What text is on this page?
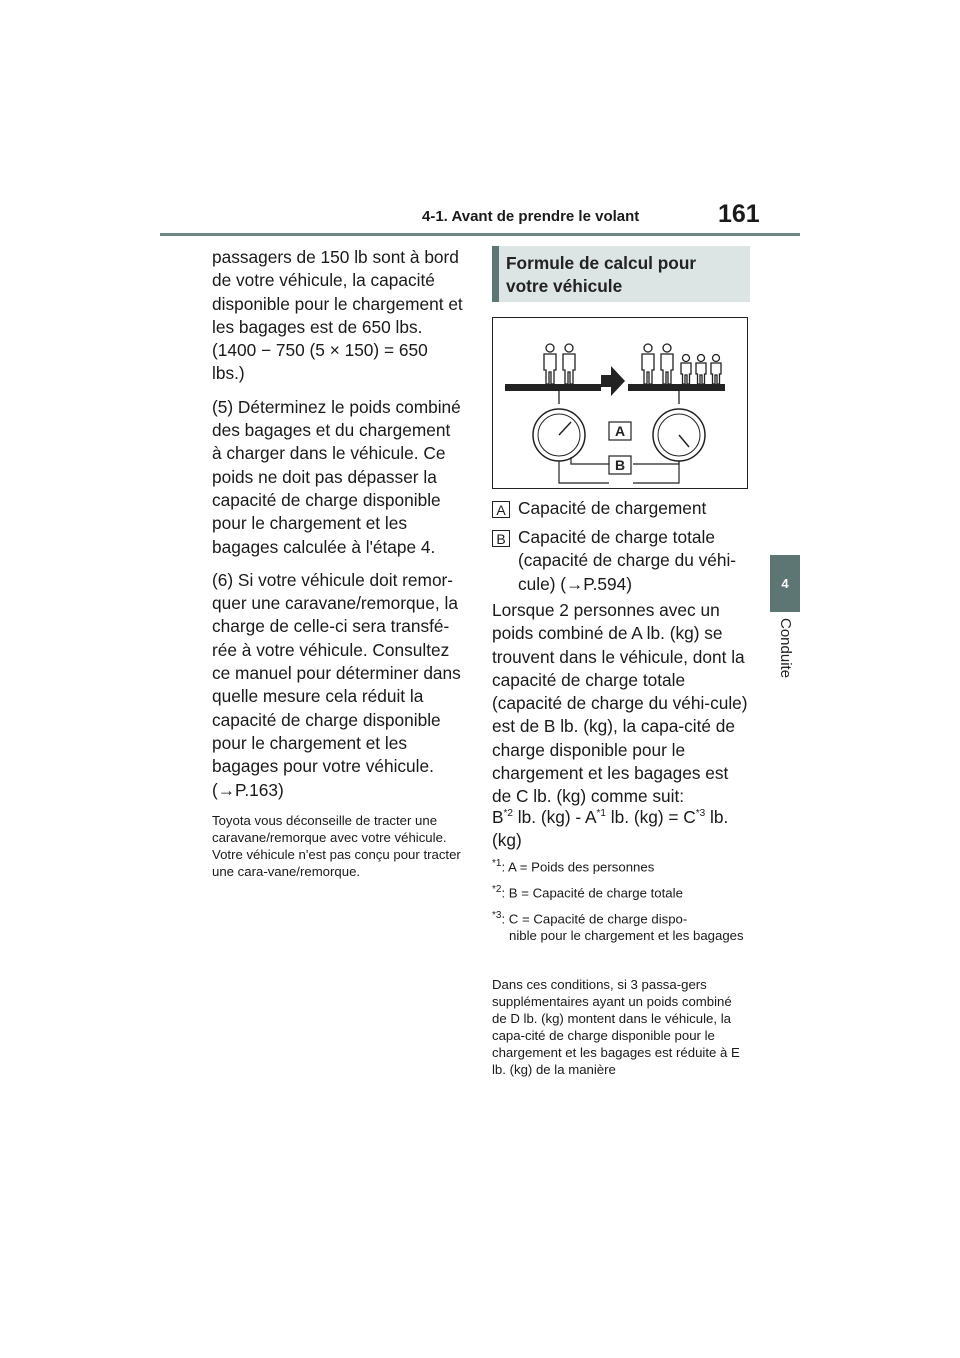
4-1. Avant de prendre le volant	161
4
Conduite

passagers de 150 lb sont à bord de votre véhicule, la capacité disponible pour le chargement et les bagages est de 650 lbs. (1400 − 750 (5 × 150) = 650 lbs.)

(5) Déterminez le poids combiné des bagages et du chargement à charger dans le véhicule. Ce poids ne doit pas dépasser la capacité de charge disponible pour le chargement et les bagages calculée à l'étape 4.

(6) Si votre véhicule doit remor-quer une caravane/remorque, la charge de celle-ci sera transfé-rée à votre véhicule. Consultez ce manuel pour déterminer dans quelle mesure cela réduit la capacité de charge disponible pour le chargement et les bagages pour votre véhicule. (→P.163)

Toyota vous déconseille de tracter une caravane/remorque avec votre véhicule. Votre véhicule n'est pas conçu pour tracter une cara-vane/remorque.

Formule de calcul pour votre véhicule
A
B
A Capacité de chargement
B Capacité de charge totale
(capacité de charge du véhi-cule) (→P.594)

Lorsque 2 personnes avec un poids combiné de A lb. (kg) se trouvent dans le véhicule, dont la capacité de charge totale (capacité de charge du véhi-cule) est de B lb. (kg), la capa-cité de charge disponible pour le chargement et les bagages est de C lb. (kg) comme suit:

$B^{*2}$ lb. $(kg) - A^{*1}$ lb. $(kg) = C^{*3}$ lb. (kg)
$^{*1}$: A = Poids des personnes
$^{*2}$: B = Capacité de charge totale
$^{*3}$: C = Capacité de charge dispo-
nible pour le chargement et les bagages
Dans ces conditions, si 3 passa-gers supplémentaires ayant un poids combiné de D lb. (kg) montent dans le véhicule, la capa-cité de charge disponible pour le chargement et les bagages est réduite à E lb. (kg) de la manière
